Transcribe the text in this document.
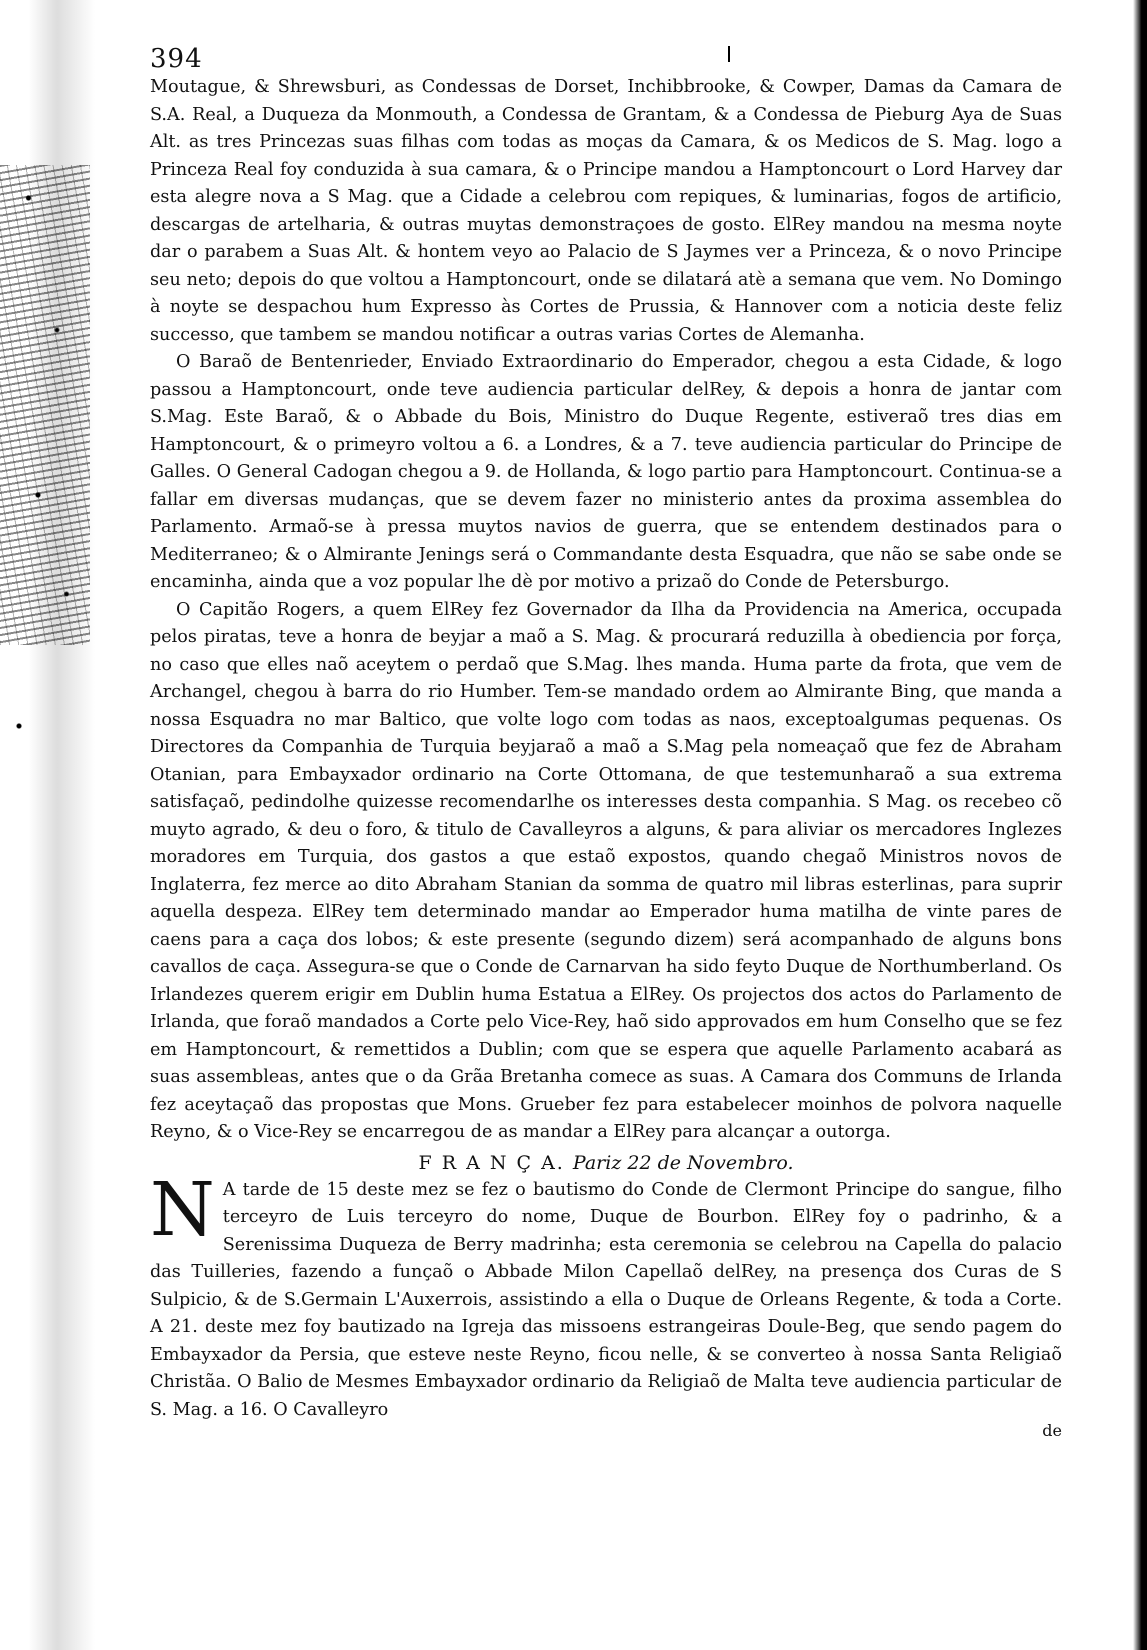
394

Moutague, & Shrewsburi, as Condessas de Dorset, Inchibbrooke, & Cowper, Damas da Camara de S.A. Real, a Duqueza da Monmouth, a Condessa de Grantam, & a Condessa de Pieburg Aya de Suas Alt. as tres Princezas suas filhas com todas as moças da Camara, & os Medicos de S. Mag. logo a Princeza Real foy conduzida à sua camara, & o Principe mandou a Hamptoncourt o Lord Harvey dar esta alegre nova a S Mag. que a Cidade a celebrou com repiques, & luminarias, fogos de artificio, descargas de artelharia, & outras muytas demonstraçoes de gosto. ElRey mandou na mesma noyte dar o parabem a Suas Alt. & hontem veyo ao Palacio de S Jaymes ver a Princeza, & o novo Principe seu neto; depois do que voltou a Hamptoncourt, onde se dilatará atè a semana que vem. No Domingo à noyte se despachou hum Expresso às Cortes de Prussia, & Hannover com a noticia deste feliz successo, que tambem se mandou notificar a outras varias Cortes de Alemanha.

O Baraõ de Bentenrieder, Enviado Extraordinario do Emperador, chegou a esta Cidade, & logo passou a Hamptoncourt, onde teve audiencia particular delRey, & depois a honra de jantar com S.Mag. Este Baraõ, & o Abbade du Bois, Ministro do Duque Regente, estiveraõ tres dias em Hamptoncourt, & o primeyro voltou a 6. a Londres, & a 7. teve audiencia particular do Principe de Galles. O General Cadogan chegou a 9. de Hollanda, & logo partio para Hamptoncourt. Continua-se a fallar em diversas mudanças, que se devem fazer no ministerio antes da proxima assemblea do Parlamento. Armaõ-se à pressa muytos navios de guerra, que se entendem destinados para o Mediterraneo; & o Almirante Jenings será o Commandante desta Esquadra, que não se sabe onde se encaminha, ainda que a voz popular lhe dè por motivo a prizaõ do Conde de Petersburgo.

O Capitão Rogers, a quem ElRey fez Governador da Ilha da Providencia na America, occupada pelos piratas, teve a honra de beyjar a maõ a S. Mag. & procurará reduzilla à obediencia por força, no caso que elles naõ aceytem o perdaõ que S.Mag. lhes manda. Huma parte da frota, que vem de Archangel, chegou à barra do rio Humber. Tem-se mandado ordem ao Almirante Bing, que manda a nossa Esquadra no mar Baltico, que volte logo com todas as naos, exceptoalgumas pequenas. Os Directores da Companhia de Turquia beyjaraõ a maõ a S.Mag pela nomeaçaõ que fez de Abraham Otanian, para Embayxador ordinario na Corte Ottomana, de que testemunharaõ a sua extrema satisfaçaõ, pedindolhe quizesse recomendarlhe os interesses desta companhia. S Mag. os recebeo cõ muyto agrado, & deu o foro, & titulo de Cavalleyros a alguns, & para aliviar os mercadores Inglezes moradores em Turquia, dos gastos a que estaõ expostos, quando chegaõ Ministros novos de Inglaterra, fez merce ao dito Abraham Stanian da somma de quatro mil libras esterlinas, para suprir aquella despeza. ElRey tem determinado mandar ao Emperador huma matilha de vinte pares de caens para a caça dos lobos; & este presente (segundo dizem) será acompanhado de alguns bons cavallos de caça. Assegura-se que o Conde de Carnarvan ha sido feyto Duque de Northumberland. Os Irlandezes querem erigir em Dublin huma Estatua a ElRey. Os projectos dos actos do Parlamento de Irlanda, que foraõ mandados a Corte pelo Vice-Rey, haõ sido approvados em hum Conselho que se fez em Hamptoncourt, & remettidos a Dublin; com que se espera que aquelle Parlamento acabará as suas assembleas, antes que o da Grãa Bretanha comece as suas. A Camara dos Communs de Irlanda fez aceytaçaõ das propostas que Mons. Grueber fez para estabelecer moinhos de polvora naquelle Reyno, & o Vice-Rey se encarregou de as mandar a ElRey para alcançar a outorga.

F R A N Ç A. Pariz 22 de Novembro.
N A tarde de 15 deste mez se fez o bautismo do Conde de Clermont Principe do sangue, filho terceyro de Luis terceyro do nome, Duque de Bourbon. ElRey foy o padrinho, & a Serenissima Duqueza de Berry madrinha; esta ceremonia se celebrou na Capella do palacio das Tuilleries, fazendo a funçaõ o Abbade Milon Capellaõ delRey, na presença dos Curas de S Sulpicio, & de S.Germain L'Auxerrois, assistindo a ella o Duque de Orleans Regente, & toda a Corte. A 21. deste mez foy bautizado na Igreja das missoens estrangeiras Doule-Beg, que sendo pagem do Embayxador da Persia, que esteve neste Reyno, ficou nelle, & se converteo à nossa Santa Religiaõ Christãa. O Balio de Mesmes Embayxador ordinario da Religiaõ de Malta teve audiencia particular de S. Mag. a 16. O Cavalleyro
de
